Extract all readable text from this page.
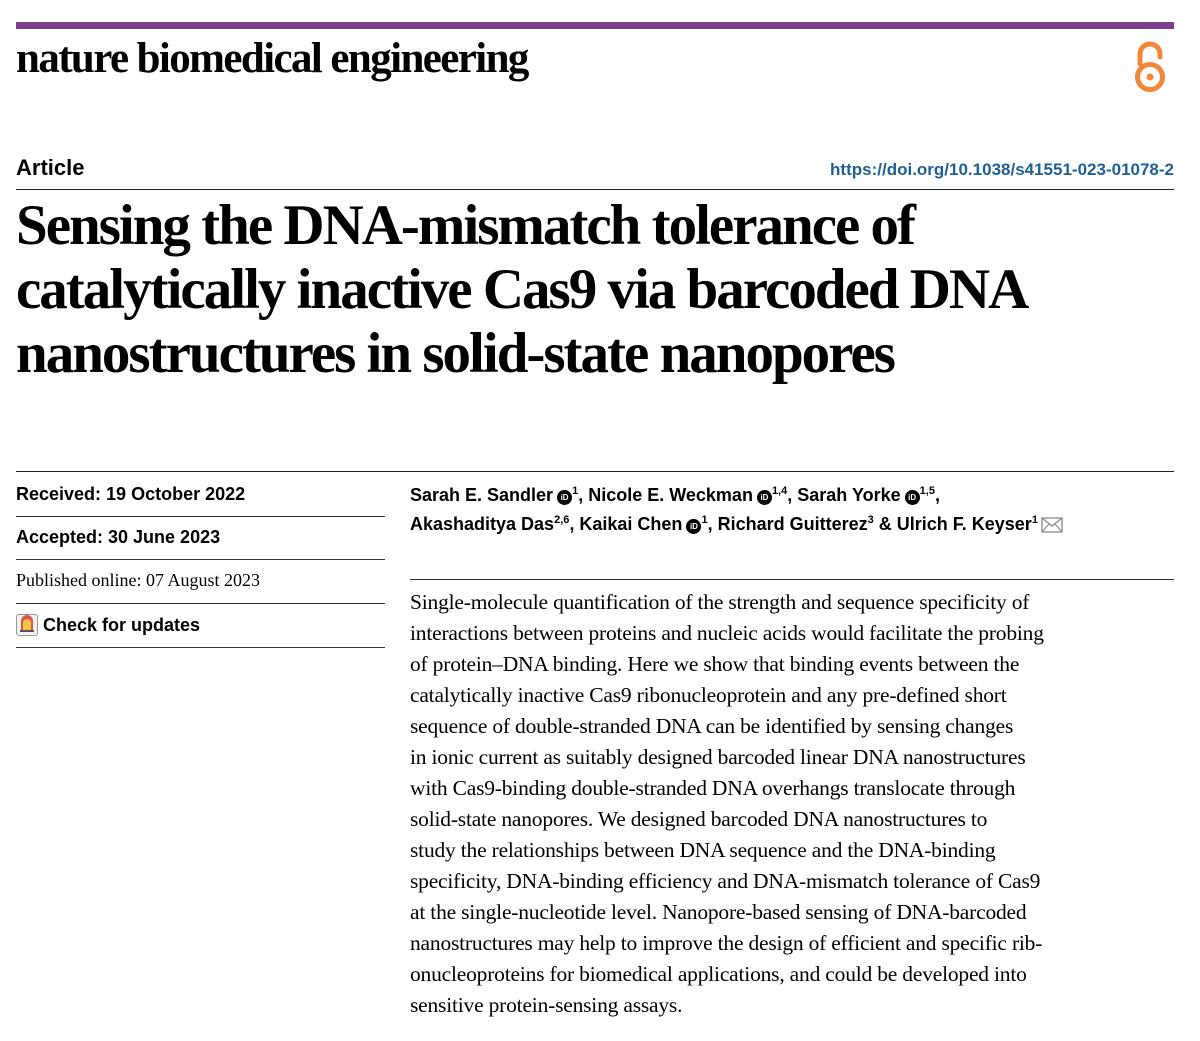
nature biomedical engineering
Article	https://doi.org/10.1038/s41551-023-01078-2
Sensing the DNA-mismatch tolerance of
catalytically inactive Cas9 via barcoded DNA
nanostructures in solid-state nanopores
Received: 19 October 2022
Accepted: 30 June 2023
Published online: 07 August 2023
Check for updates
Sarah E. Sandler $iD^1$, Nicole E. Weckman iD$^{1,4}$, Sarah Yorke iD$^{1,5}$,
Akashaditya Das$^{2,6}$, Kaikai Chen $iD^1$, Richard Guitterez$^3$ & Ulrich F. Keyser$^1$
Single-molecule quantification of the strength and sequence specificity of
interactions between proteins and nucleic acids would facilitate the probing
of protein–DNA binding. Here we show that binding events between the
catalytically inactive Cas9 ribonucleoprotein and any pre-defined short
sequence of double-stranded DNA can be identified by sensing changes
in ionic current as suitably designed barcoded linear DNA nanostructures
with Cas9-binding double-stranded DNA overhangs translocate through
solid-state nanopores. We designed barcoded DNA nanostructures to
study the relationships between DNA sequence and the DNA-binding
specificity, DNA-binding efficiency and DNA-mismatch tolerance of Cas9
at the single-nucleotide level. Nanopore-based sensing of DNA-barcoded
nanostructures may help to improve the design of efficient and specific rib-
onucleoproteins for biomedical applications, and could be developed into
sensitive protein-sensing assays.
